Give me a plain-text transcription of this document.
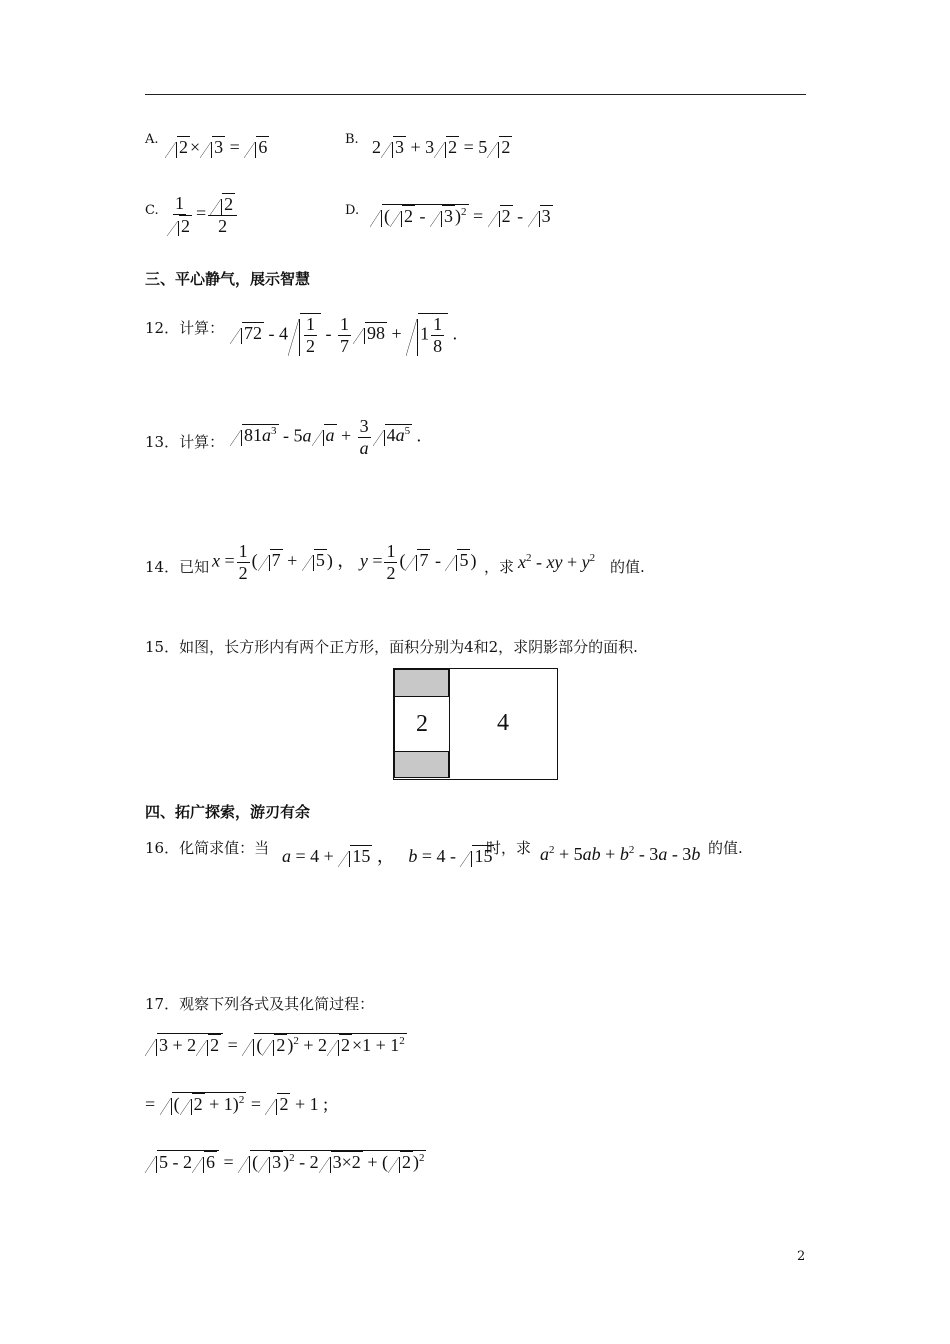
A.	2 × 3 = 6	B. 2 3 + 3 2 = 5 2
C. $\frac{1}{2} = \frac{2}{2}$	D.	( 2 - 3 )$^2$ = 2 - 3
三、平心静气，展示智慧
12．计算：	$72 - 4 \frac{1}{2} - \frac{1}{7} 98 + 1 \frac{1}{8}$ .
13．计算：	$81a^3 - 5a$ $a + \frac{3}{a} 4a^5$ .
14．已知 $x = \frac{1}{2}$ ( 7 + 5 ) ， $y = \frac{1}{2}$ ( 7 - 5 ) ，求 $x^2$ - xy + $y^2$ 的值.
15．如图，长方形内有两个正方形，面积分别为4和2，求阴影部分的面积.
2	4
四、拓广探索，游刃有余
16．化简求值：当 a = 4 + 15 ，   b = 4 - 15
时，求 $a^2 + 5ab + b^2 - 3a - 3b$ 的值.
17．观察下列各式及其化简过程：
3 + 2 2 = ( 2 )$^2$ + 2 $2 \times 1 + 1^2$
= ( 2 + 1)$^2$ = 2 + 1 ;
5 - 2 6 = ( 3 )$^2$ - 2 3×2 + ( 2 )$^2$
2
